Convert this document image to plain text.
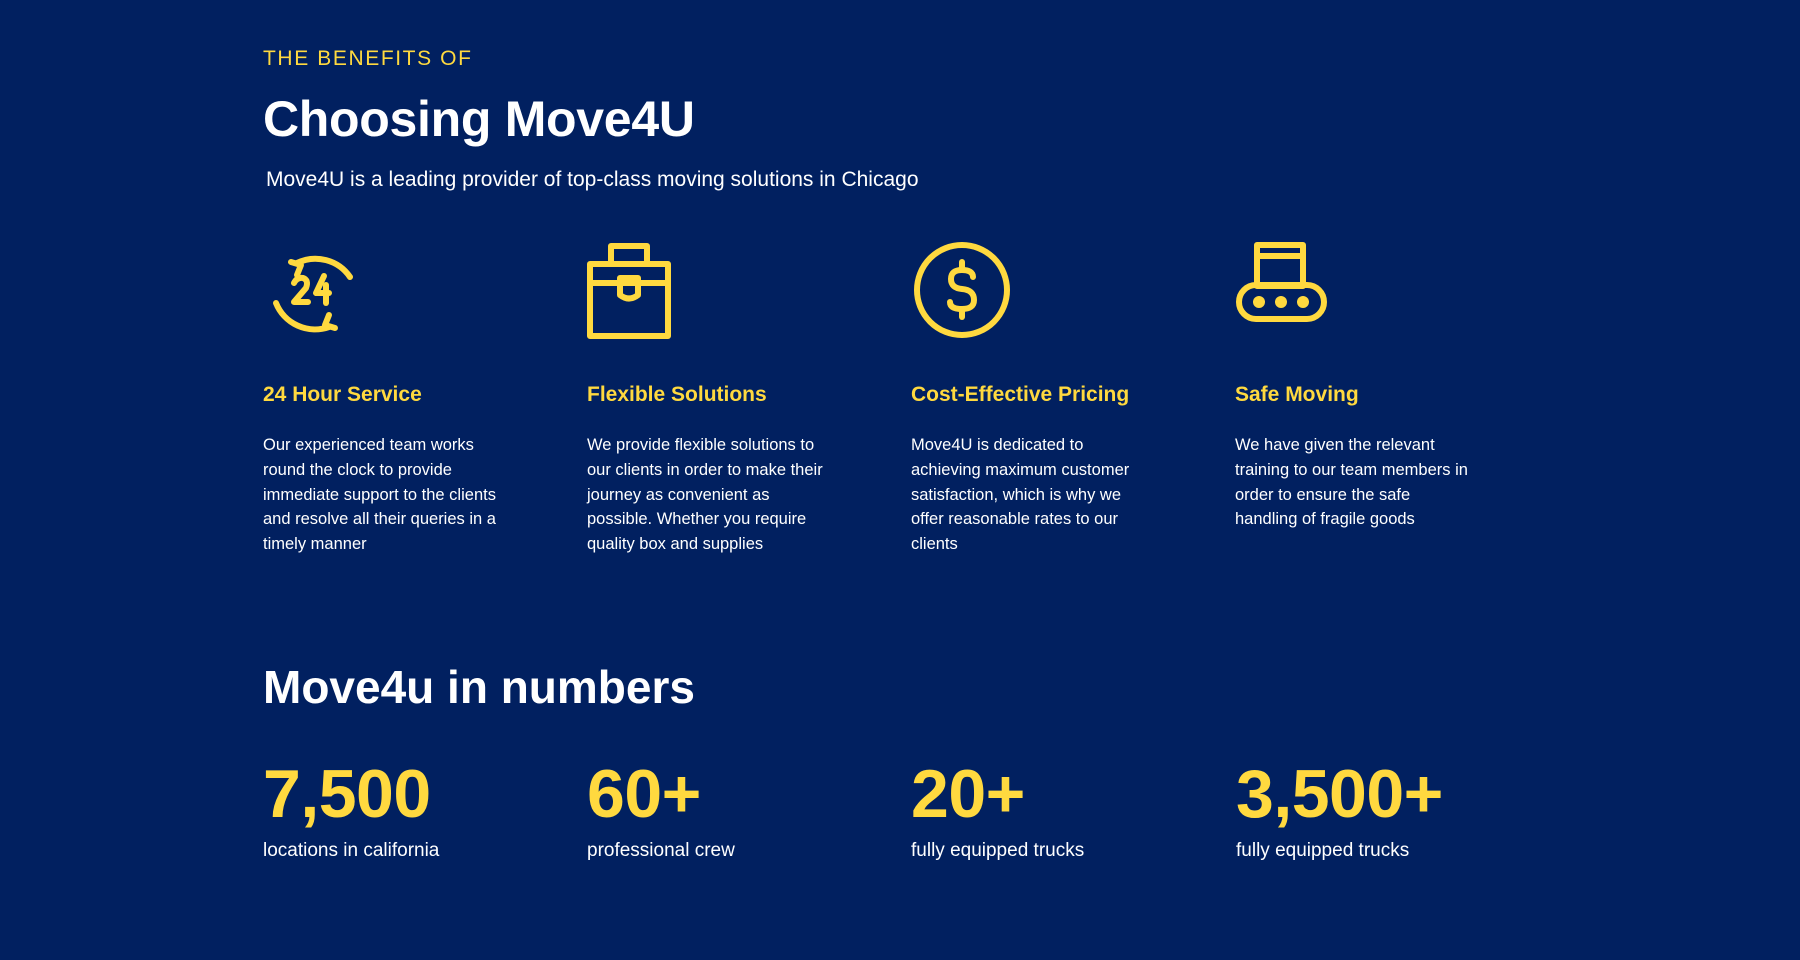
THE BENEFITS OF
Choosing Move4U
Move4U is a leading provider of top-class moving solutions in Chicago
24 Hour Service
Our experienced team works round the clock to provide immediate support to the clients and resolve all their queries in a timely manner
Flexible Solutions
We provide flexible solutions to our clients in order to make their journey as convenient as possible. Whether you require quality box and supplies
Cost-Effective Pricing
Move4U is dedicated to achieving maximum customer satisfaction, which is why we offer reasonable rates to our clients
Safe Moving
We have given the relevant training to our team members in order to ensure the safe handling of fragile goods
Move4u in numbers
7,500
locations in california
60+
professional crew
20+
fully equipped trucks
3,500+
fully equipped trucks
